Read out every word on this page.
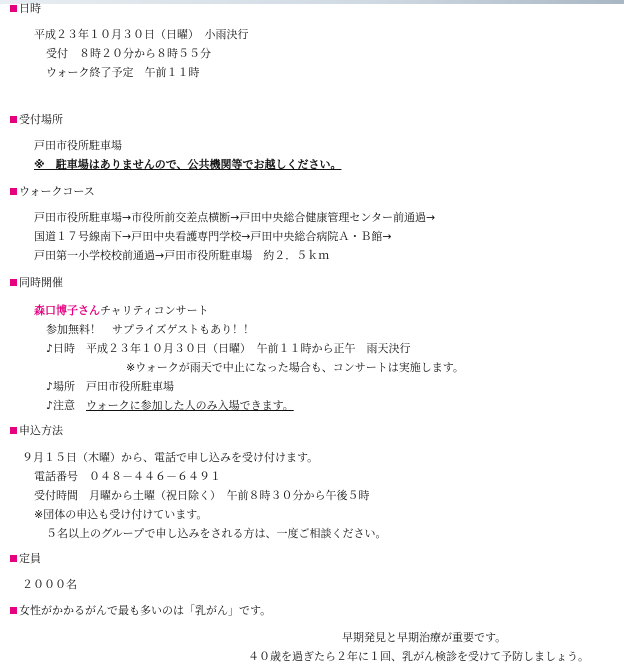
日時
平成２３年１０月３０日（日曜）　小雨決行
受付　８時２０分から８時５５分
ウォーク終了予定　午前１１時
受付場所
戸田市役所駐車場
※　駐車場はありませんので、公共機関等でお越しください。
ウォークコース
戸田市役所駐車場→市役所前交差点横断→戸田中央総合健康管理センター前通過→
国道１７号線南下→戸田中央看護専門学校→戸田中央総合病院Ａ・Ｂ館→
戸田第一小学校校前通過→戸田市役所駐車場　約２．５ｋｍ
同時開催
森口博子さんチャリティコンサート
参加無料！　サプライズゲストもあり！！
♪日時　平成２３年１０月３０日（日曜）　午前１１時から正午　雨天決行
※ウォークが雨天で中止になった場合も、コンサートは実施します。
♪場所　戸田市役所駐車場
♪注意　 ウォークに参加した人のみ入場できます。
申込方法
９月１５日（木曜）から、電話で申し込みを受け付けます。
電話番号　０４８－４４６－６４９１
受付時間　月曜から土曜（祝日除く）　午前８時３０分から午後５時
※団体の申込も受け付けています。
５名以上のグループで申し込みをされる方は、一度ご相談ください。
定員
２０００名
女性がかかるがんで最も多いのは「乳がん」です。
早期発見と早期治療が重要です。
４０歳を過ぎたら２年に１回、乳がん検診を受けて予防しましょう。
